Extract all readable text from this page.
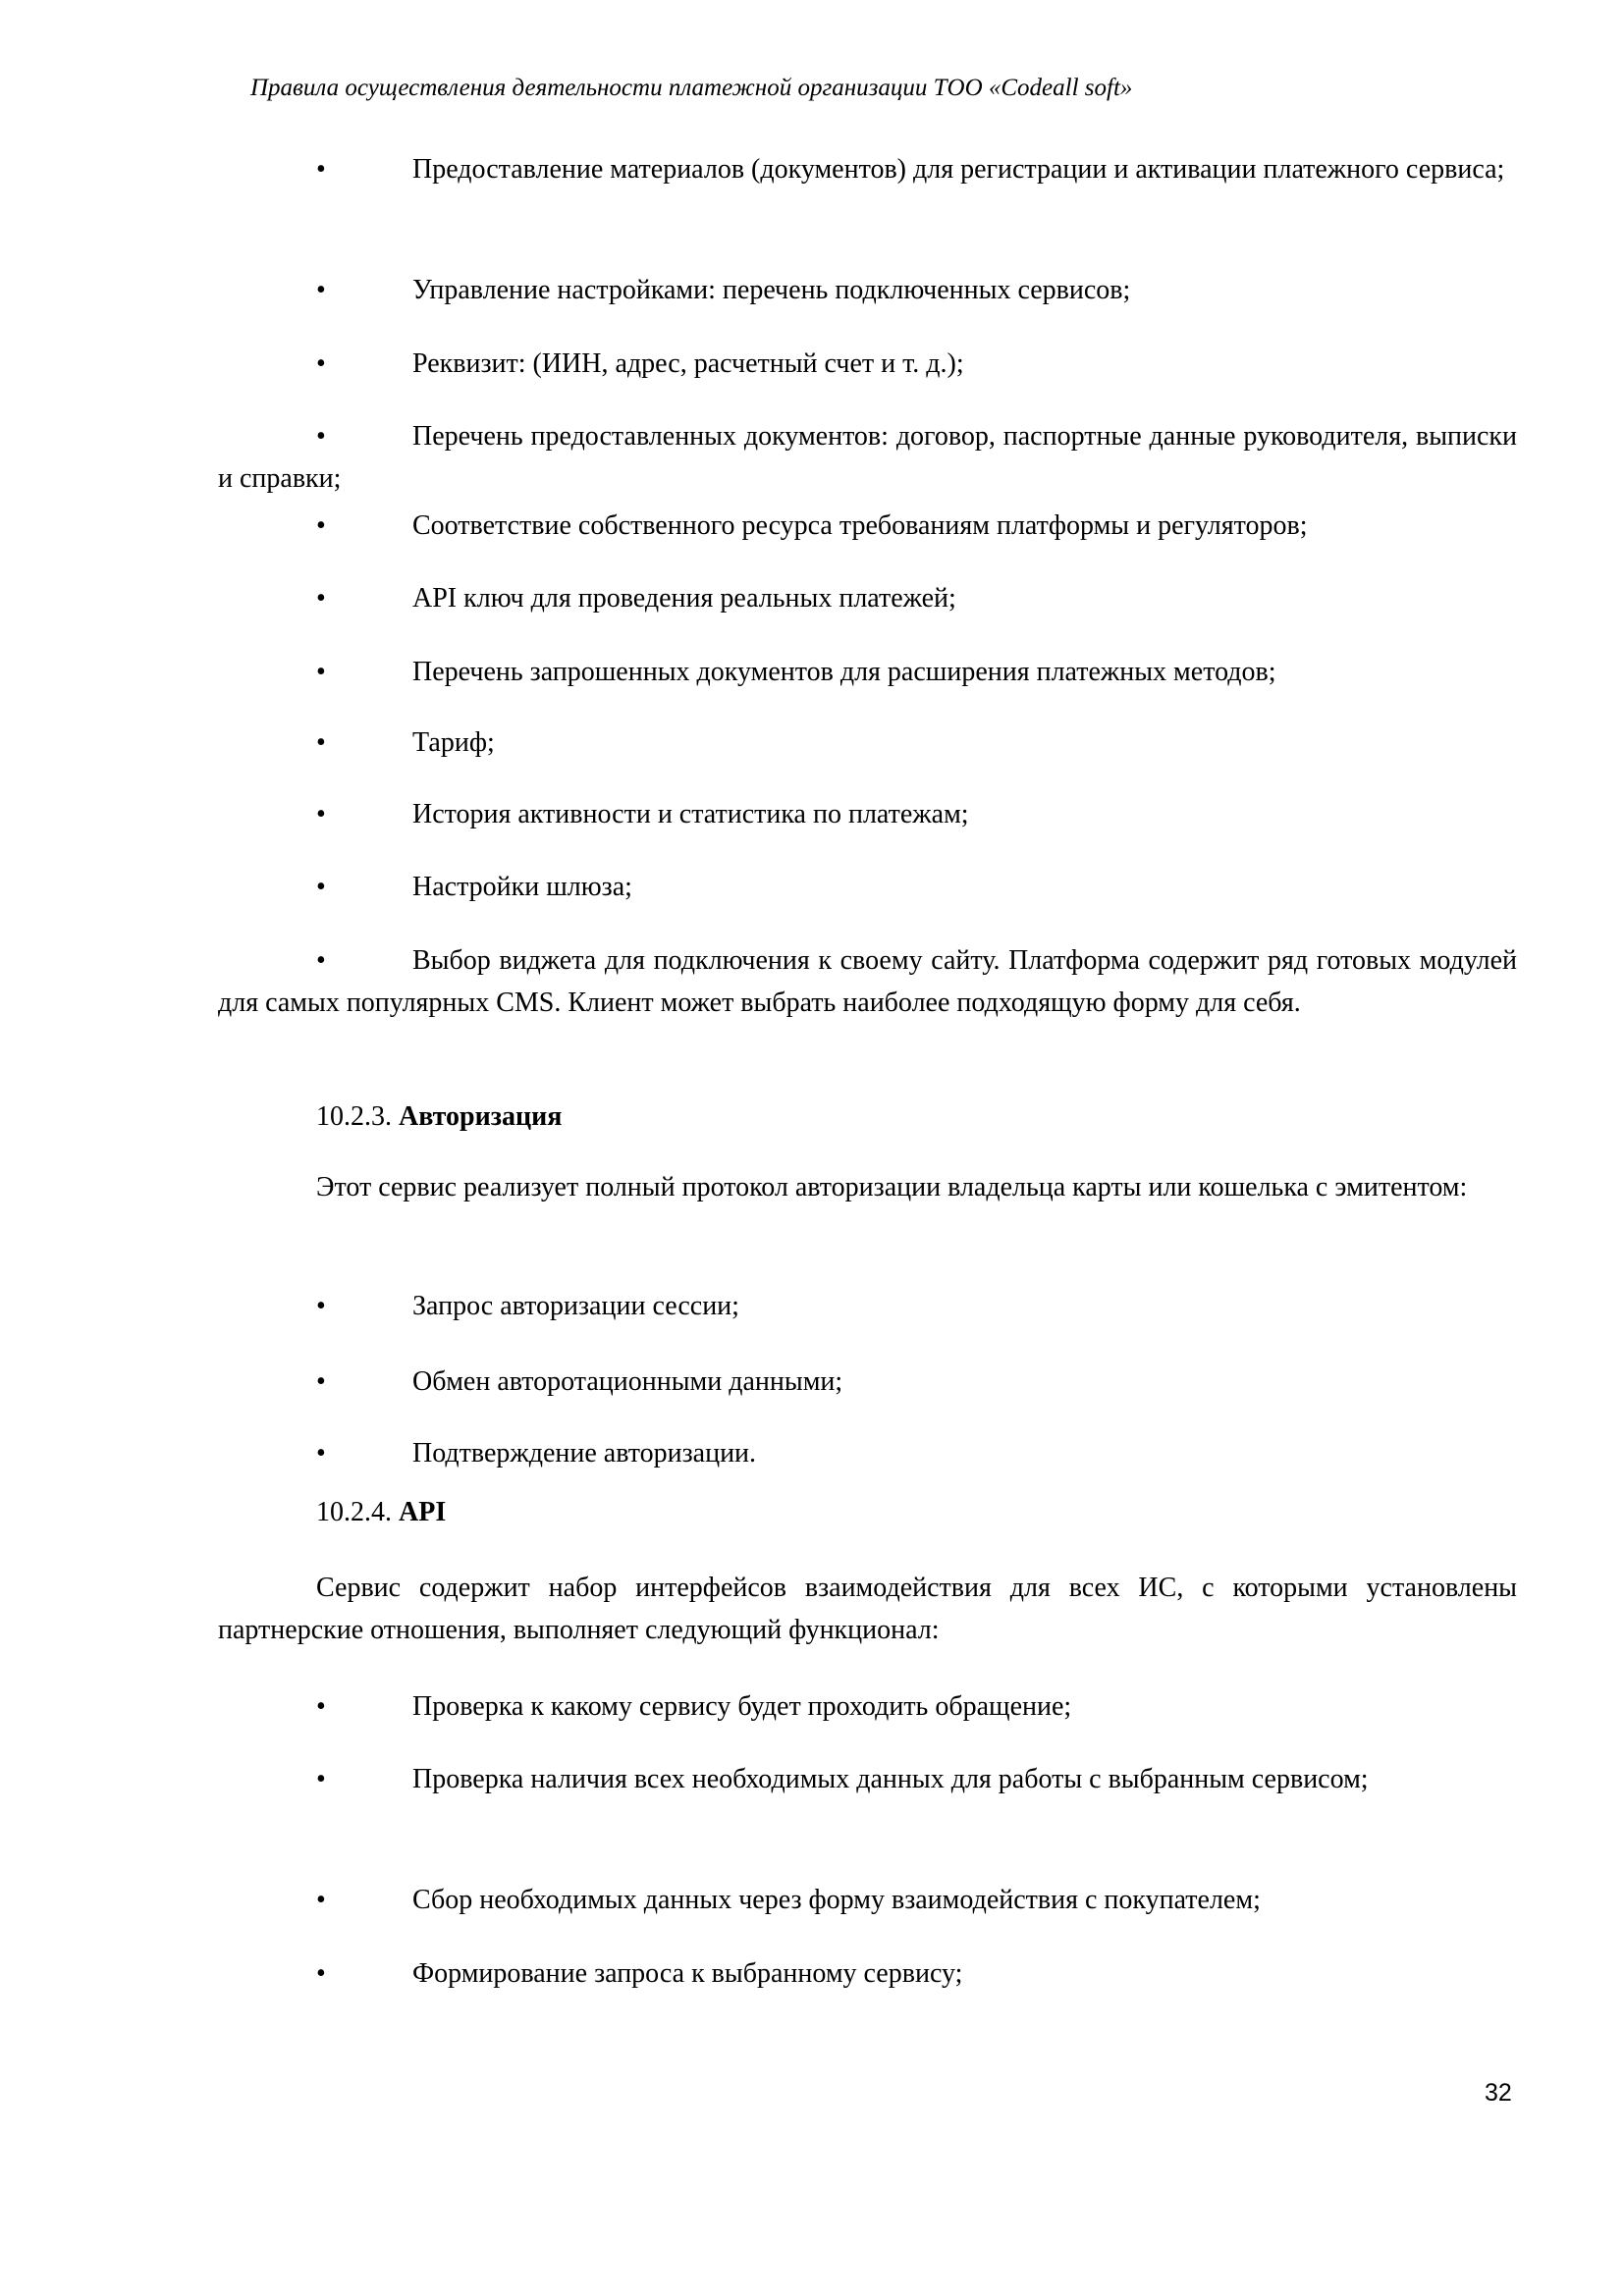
Правила осуществления деятельности платежной организации ТОО «Codeall soft»

•	Предоставление материалов (документов) для регистрации и активации платежного сервиса;

•	Управление настройками: перечень подключенных сервисов;

•	Реквизит: (ИИН, адрес, расчетный счет и т. д.);

•	Перечень предоставленных документов: договор, паспортные данные руководителя, выписки и справки;

•	Соответствие собственного ресурса требованиям платформы и регуляторов;

•	API ключ для проведения реальных платежей;

•	Перечень запрошенных документов для расширения платежных методов;

•	Тариф;

•	История активности и статистика по платежам;

•	Настройки шлюза;

•	Выбор виджета для подключения к своему сайту. Платформа содержит ряд готовых модулей для самых популярных CMS. Клиент может выбрать наиболее подходящую форму для себя.

10.2.3. Авторизация

Этот сервис реализует полный протокол авторизации владельца карты или кошелька с эмитентом:

•	Запрос авторизации сессии;

•	Обмен авторотационными данными;

•	Подтверждение авторизации.

10.2.4. API

Сервис содержит набор интерфейсов взаимодействия для всех ИС, с которыми установлены партнерские отношения, выполняет следующий функционал:

•	Проверка к какому сервису будет проходить обращение;

•	Проверка наличия всех необходимых данных для работы с выбранным сервисом;

•	Сбор необходимых данных через форму взаимодействия с покупателем;

•	Формирование запроса к выбранному сервису;

32
